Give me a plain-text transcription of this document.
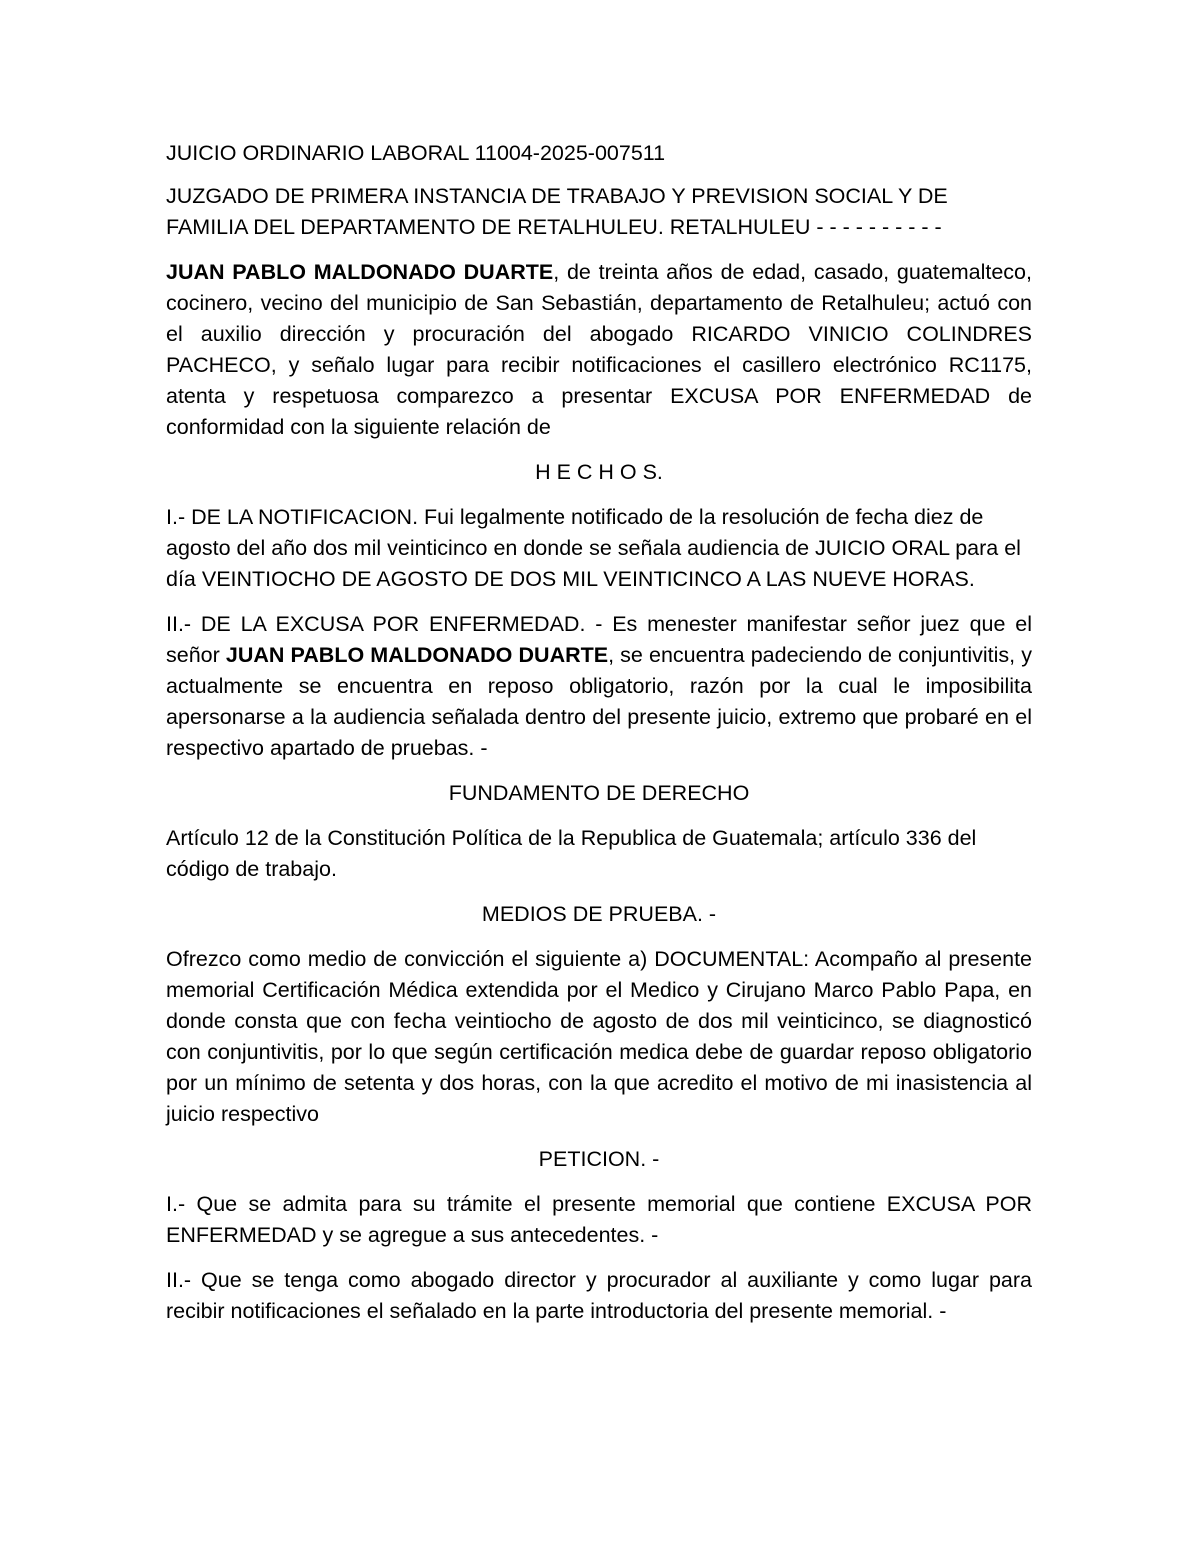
JUICIO ORDINARIO LABORAL 11004-2025-007511

JUZGADO DE PRIMERA INSTANCIA DE TRABAJO Y PREVISION SOCIAL Y DE FAMILIA DEL DEPARTAMENTO DE RETALHULEU. RETALHULEU - - - - - - - - - -

JUAN PABLO MALDONADO DUARTE, de treinta años de edad, casado, guatemalteco, cocinero, vecino del municipio de San Sebastián, departamento de Retalhuleu; actuó con el auxilio dirección y procuración del abogado RICARDO VINICIO COLINDRES PACHECO, y señalo lugar para recibir notificaciones el casillero electrónico RC1175, atenta y respetuosa comparezco a presentar EXCUSA POR ENFERMEDAD de conformidad con la siguiente relación de

H E C H O S.

I.- DE LA NOTIFICACION. Fui legalmente notificado de la resolución de fecha diez de agosto del año dos mil veinticinco en donde se señala audiencia de JUICIO ORAL para el día VEINTIOCHO DE AGOSTO DE DOS MIL VEINTICINCO A LAS NUEVE HORAS.

II.- DE LA EXCUSA POR ENFERMEDAD. - Es menester manifestar señor juez que el señor JUAN PABLO MALDONADO DUARTE, se encuentra padeciendo de conjuntivitis, y actualmente se encuentra en reposo obligatorio, razón por la cual le imposibilita apersonarse a la audiencia señalada dentro del presente juicio, extremo que probaré en el respectivo apartado de pruebas. -

FUNDAMENTO DE DERECHO

Artículo 12 de la Constitución Política de la Republica de Guatemala; artículo 336 del código de trabajo.

MEDIOS DE PRUEBA. -

Ofrezco como medio de convicción el siguiente a) DOCUMENTAL: Acompaño al presente memorial Certificación Médica extendida por el Medico y Cirujano Marco Pablo Papa, en donde consta que con fecha veintiocho de agosto de dos mil veinticinco, se diagnosticó con conjuntivitis, por lo que según certificación medica debe de guardar reposo obligatorio por un mínimo de setenta y dos horas, con la que acredito el motivo de mi inasistencia al juicio respectivo

PETICION. -

I.- Que se admita para su trámite el presente memorial que contiene EXCUSA POR ENFERMEDAD y se agregue a sus antecedentes. -

II.- Que se tenga como abogado director y procurador al auxiliante y como lugar para recibir notificaciones el señalado en la parte introductoria del presente memorial. -
